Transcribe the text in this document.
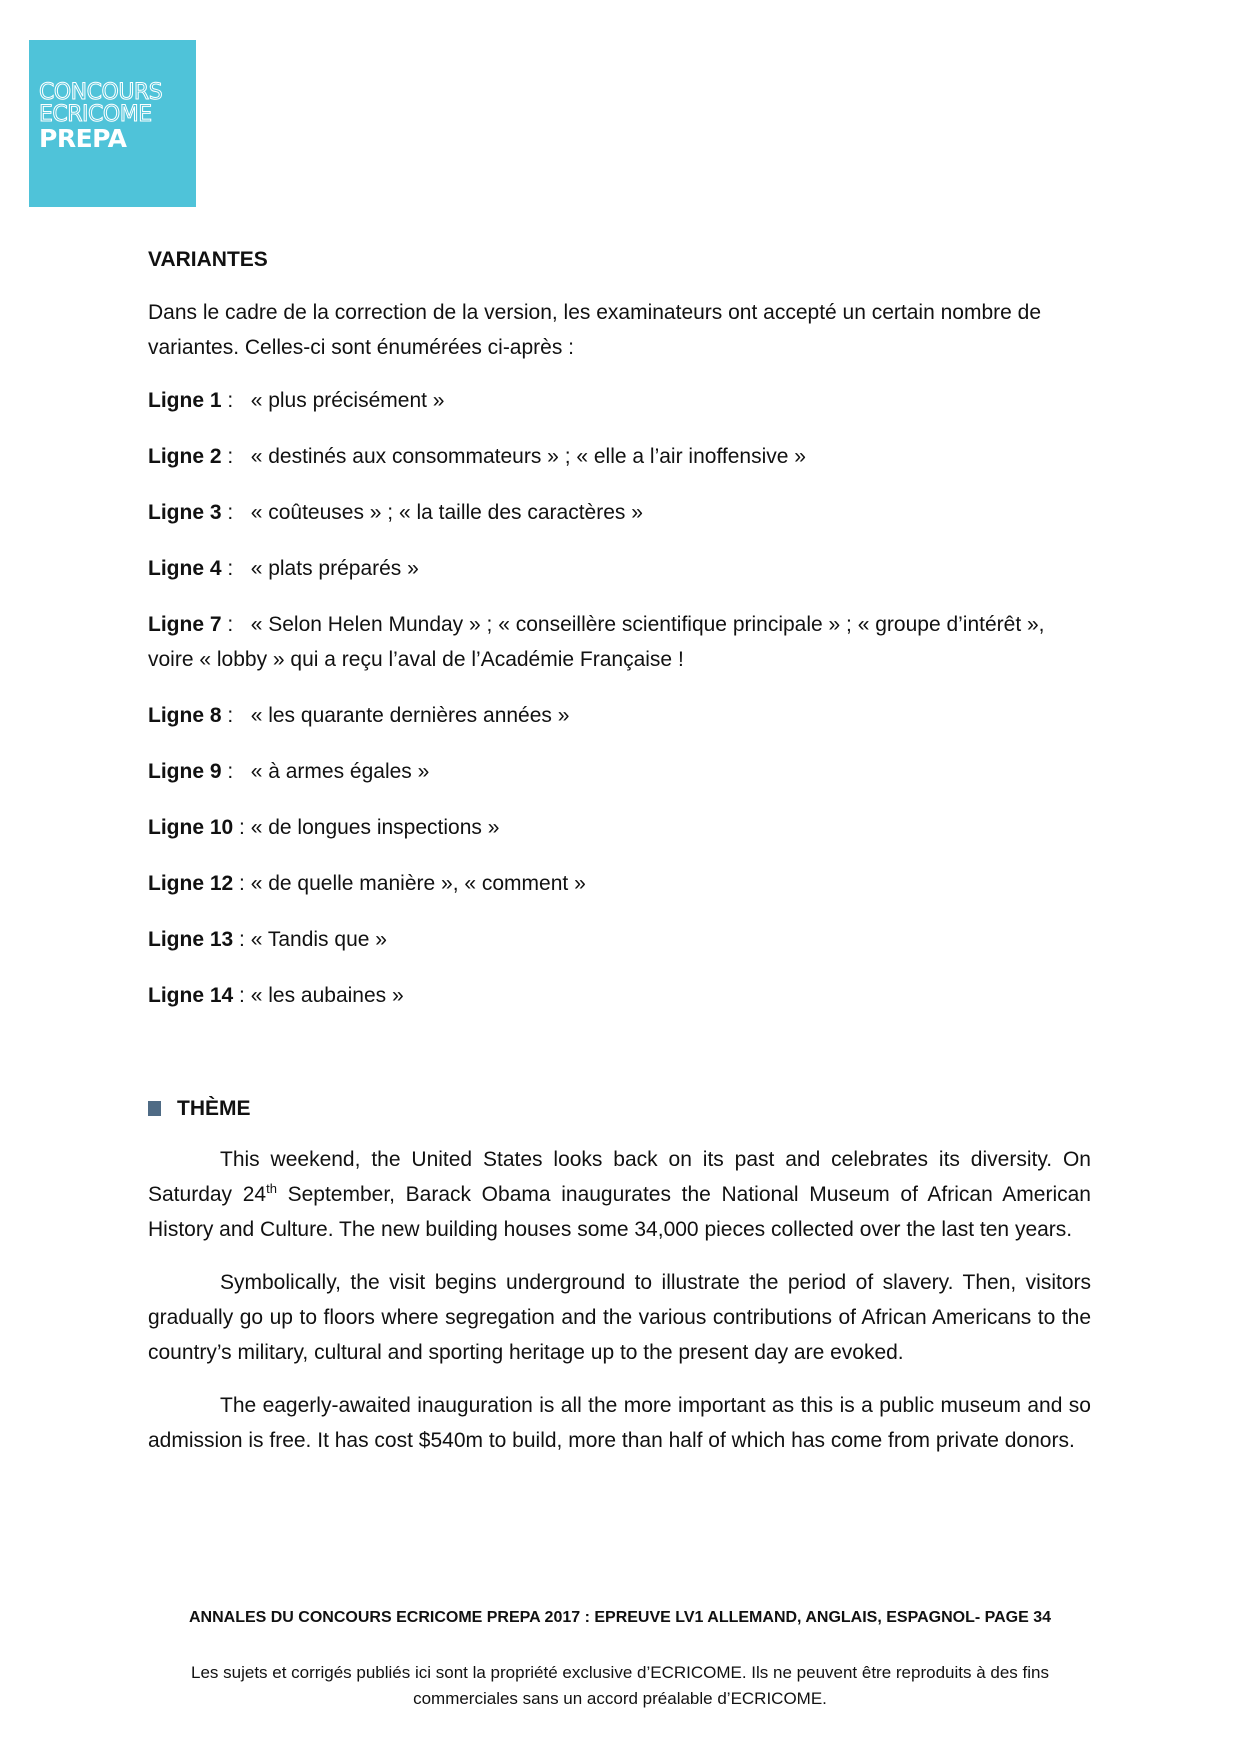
CONCOURS
ECRICOME
PREPA
VARIANTES
Dans le cadre de la correction de la version, les examinateurs ont accepté un certain nombre de variantes. Celles-ci sont énumérées ci-après :
Ligne 1 :   « plus précisément »
Ligne 2 :   « destinés aux consommateurs » ; « elle a l’air inoffensive »
Ligne 3 :   « coûteuses » ; « la taille des caractères »
Ligne 4 :   « plats préparés »
Ligne 7 :   « Selon Helen Munday » ; « conseillère scientifique principale » ; « groupe d’intérêt », voire « lobby » qui a reçu l’aval de l’Académie Française !
Ligne 8 :   « les quarante dernières années »
Ligne 9 :   « à armes égales »
Ligne 10 : « de longues inspections »
Ligne 12 : « de quelle manière », « comment »
Ligne 13 : « Tandis que »
Ligne 14 : « les aubaines »
THÈME
This weekend, the United States looks back on its past and celebrates its diversity. On Saturday 24th September, Barack Obama inaugurates the National Museum of African American History and Culture. The new building houses some 34,000 pieces collected over the last ten years.
Symbolically, the visit begins underground to illustrate the period of slavery. Then, visitors gradually go up to floors where segregation and the various contributions of African Americans to the country’s military, cultural and sporting heritage up to the present day are evoked.
The eagerly-awaited inauguration is all the more important as this is a public museum and so admission is free. It has cost $540m to build, more than half of which has come from private donors.
ANNALES DU CONCOURS ECRICOME PREPA 2017 : EPREUVE LV1 ALLEMAND, ANGLAIS, ESPAGNOL- PAGE 34
Les sujets et corrigés publiés ici sont la propriété exclusive d’ECRICOME. Ils ne peuvent être reproduits à des fins commerciales sans un accord préalable d’ECRICOME.
